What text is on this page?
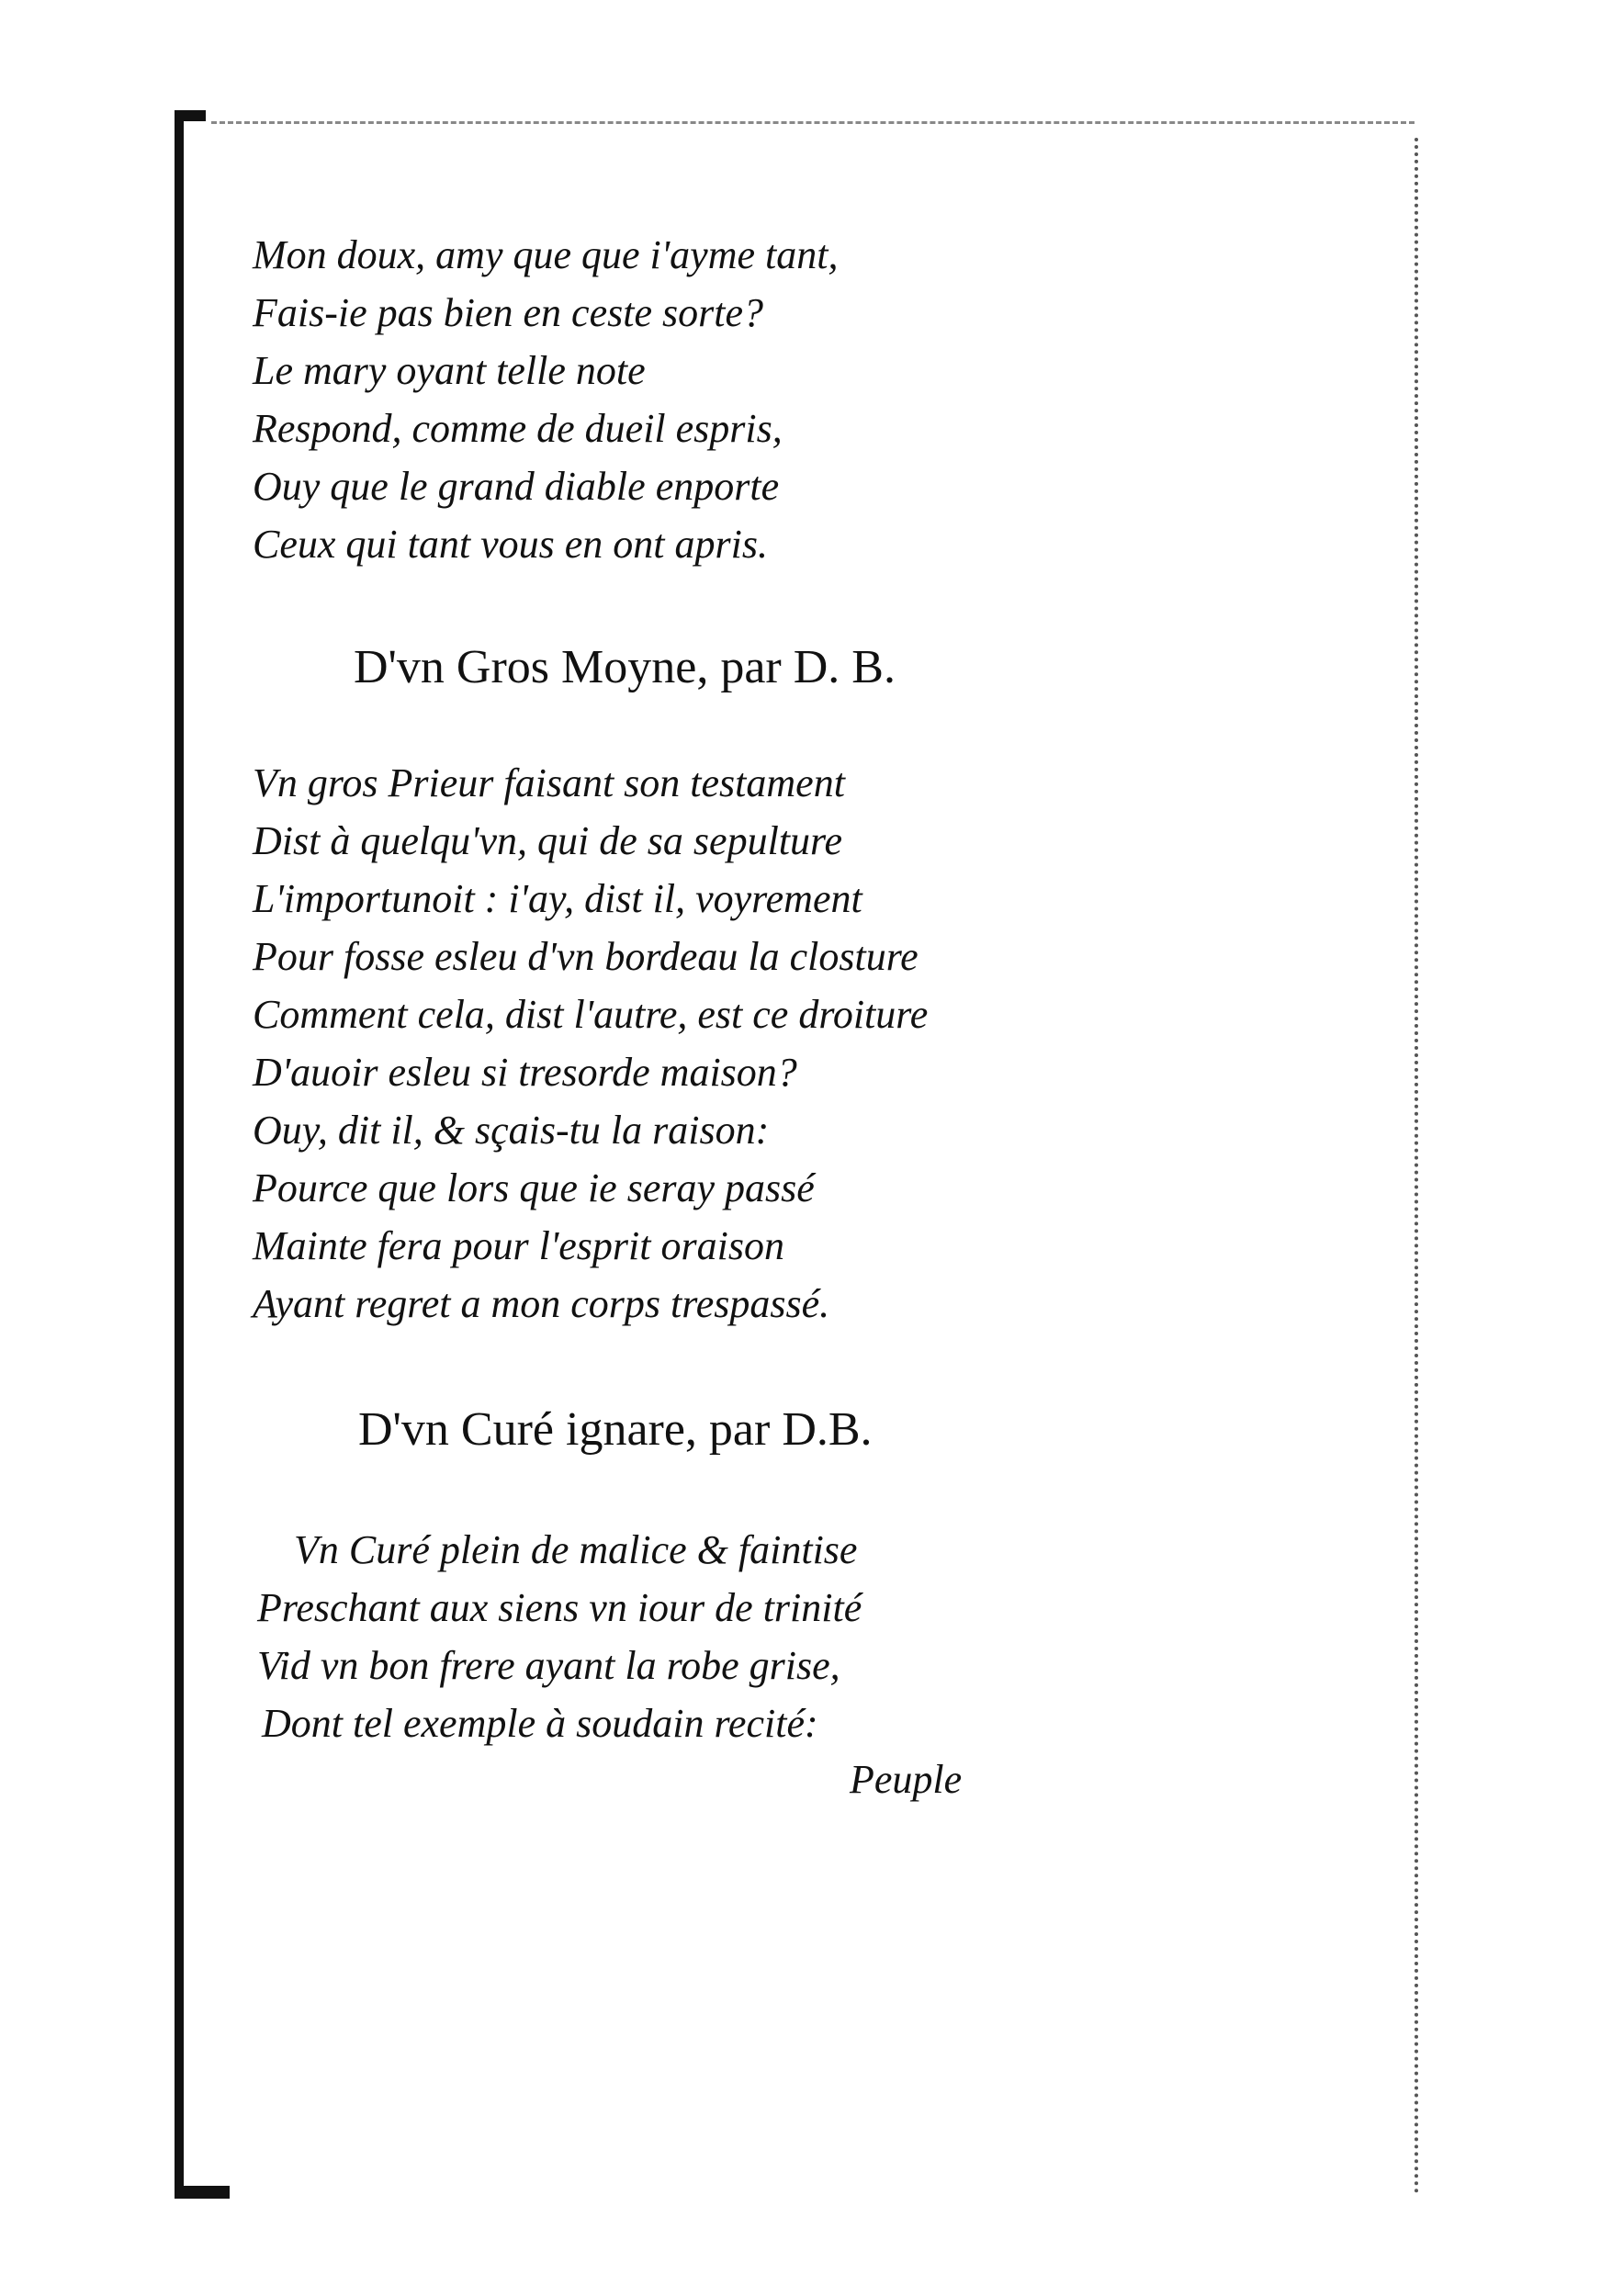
Mon doux, amy que que i'ayme tant,
Fais-ie pas bien en ceste sorte?
Le mary oyant telle note
Respond, comme de dueil espris,
Ouy que le grand diable enporte
Ceux qui tant vous en ont apris.
D'vn Gros Moyne, par D. B.
Vn gros Prieur faisant son testament
Dist à quelqu'vn, qui de sa sepulture
L'importunoit : i'ay, dist il, voyrement
Pour fosse esleu d'vn bordeau la closture
Comment cela, dist l'autre, est ce droiture
D'auoir esleu si tresorde maison?
Ouy, dit il, & sçais-tu la raison:
Pource que lors que ie seray passé
Mainte fera pour l'esprit oraison
Ayant regret a mon corps trespassé.
D'vn Curé ignare, par D.B.
Vn Curé plein de malice & faintise
Preschant aux siens vn iour de trinité
Vid vn bon frere ayant la robe grise,
Dont tel exemple à soudain recité:
Peuple
